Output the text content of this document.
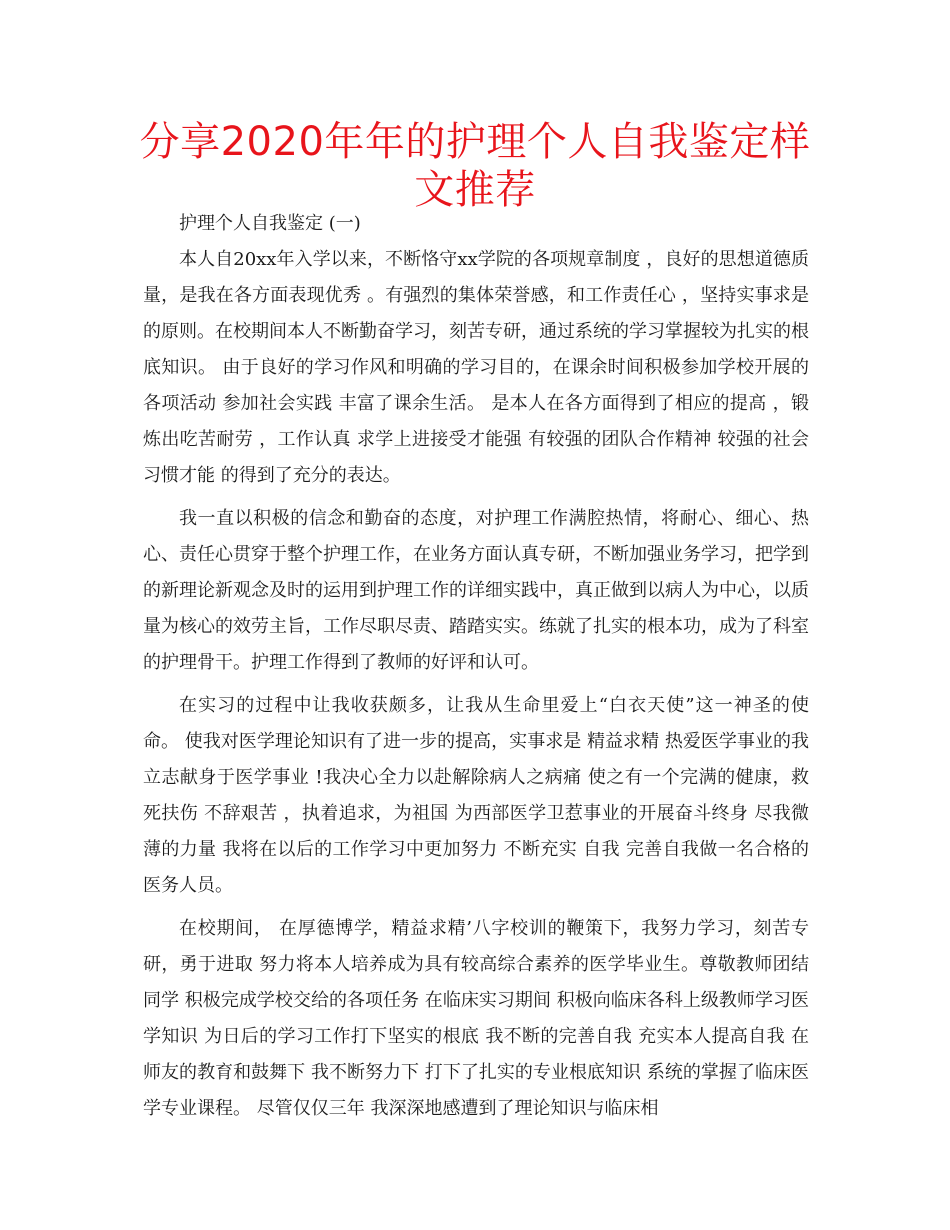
分享2020年年的护理个人自我鉴定样文推荐

护理个人自我鉴定 (一)

本人自20xx年入学以来，不断恪守xx学院的各项规章制度 ，良好的思想道德质量，是我在各方面表现优秀 。有强烈的集体荣誉感，和工作责任心 ，坚持实事求是的原则。在校期间本人不断勤奋学习，刻苦专研，通过系统的学习掌握较为扎实的根底知识。 由于良好的学习作风和明确的学习目的，在课余时间积极参加学校开展的各项活动 参加社会实践 丰富了课余生活。 是本人在各方面得到了相应的提高 ，锻炼出吃苦耐劳 ，工作认真 求学上进接受才能强 有较强的团队合作精神 较强的社会习惯才能 的得到了充分的表达。

我一直以积极的信念和勤奋的态度，对护理工作满腔热情，将耐心、细心、热心、责任心贯穿于整个护理工作，在业务方面认真专研，不断加强业务学习，把学到的新理论新观念及时的运用到护理工作的详细实践中，真正做到以病人为中心，以质量为核心的效劳主旨，工作尽职尽责、踏踏实实。练就了扎实的根本功，成为了科室的护理骨干。护理工作得到了教师的好评和认可。

在实习的过程中让我收获颇多，让我从生命里爱上“白衣天使”这一神圣的使命。 使我对医学理论知识有了进一步的提高，实事求是 精益求精 热爱医学事业的我 立志献身于医学事业 !我决心全力以赴解除病人之病痛 使之有一个完满的健康，救死扶伤 不辞艰苦 ，执着追求，为祖国 为西部医学卫惹事业的开展奋斗终身 尽我微薄的力量 我将在以后的工作学习中更加努力 不断充实 自我 完善自我做一名合格的医务人员。

在校期间， 在厚德博学，精益求精’八字校训的鞭策下，我努力学习，刻苦专研，勇于进取 努力将本人培养成为具有较高综合素养的医学毕业生。尊敬教师团结同学 积极完成学校交给的各项任务 在临床实习期间 积极向临床各科上级教师学习医学知识 为日后的学习工作打下坚实的根底 我不断的完善自我 充实本人提高自我 在师友的教育和鼓舞下 我不断努力下 打下了扎实的专业根底知识 系统的掌握了临床医学专业课程。 尽管仅仅三年 我深深地感遭到了理论知识与临床相
